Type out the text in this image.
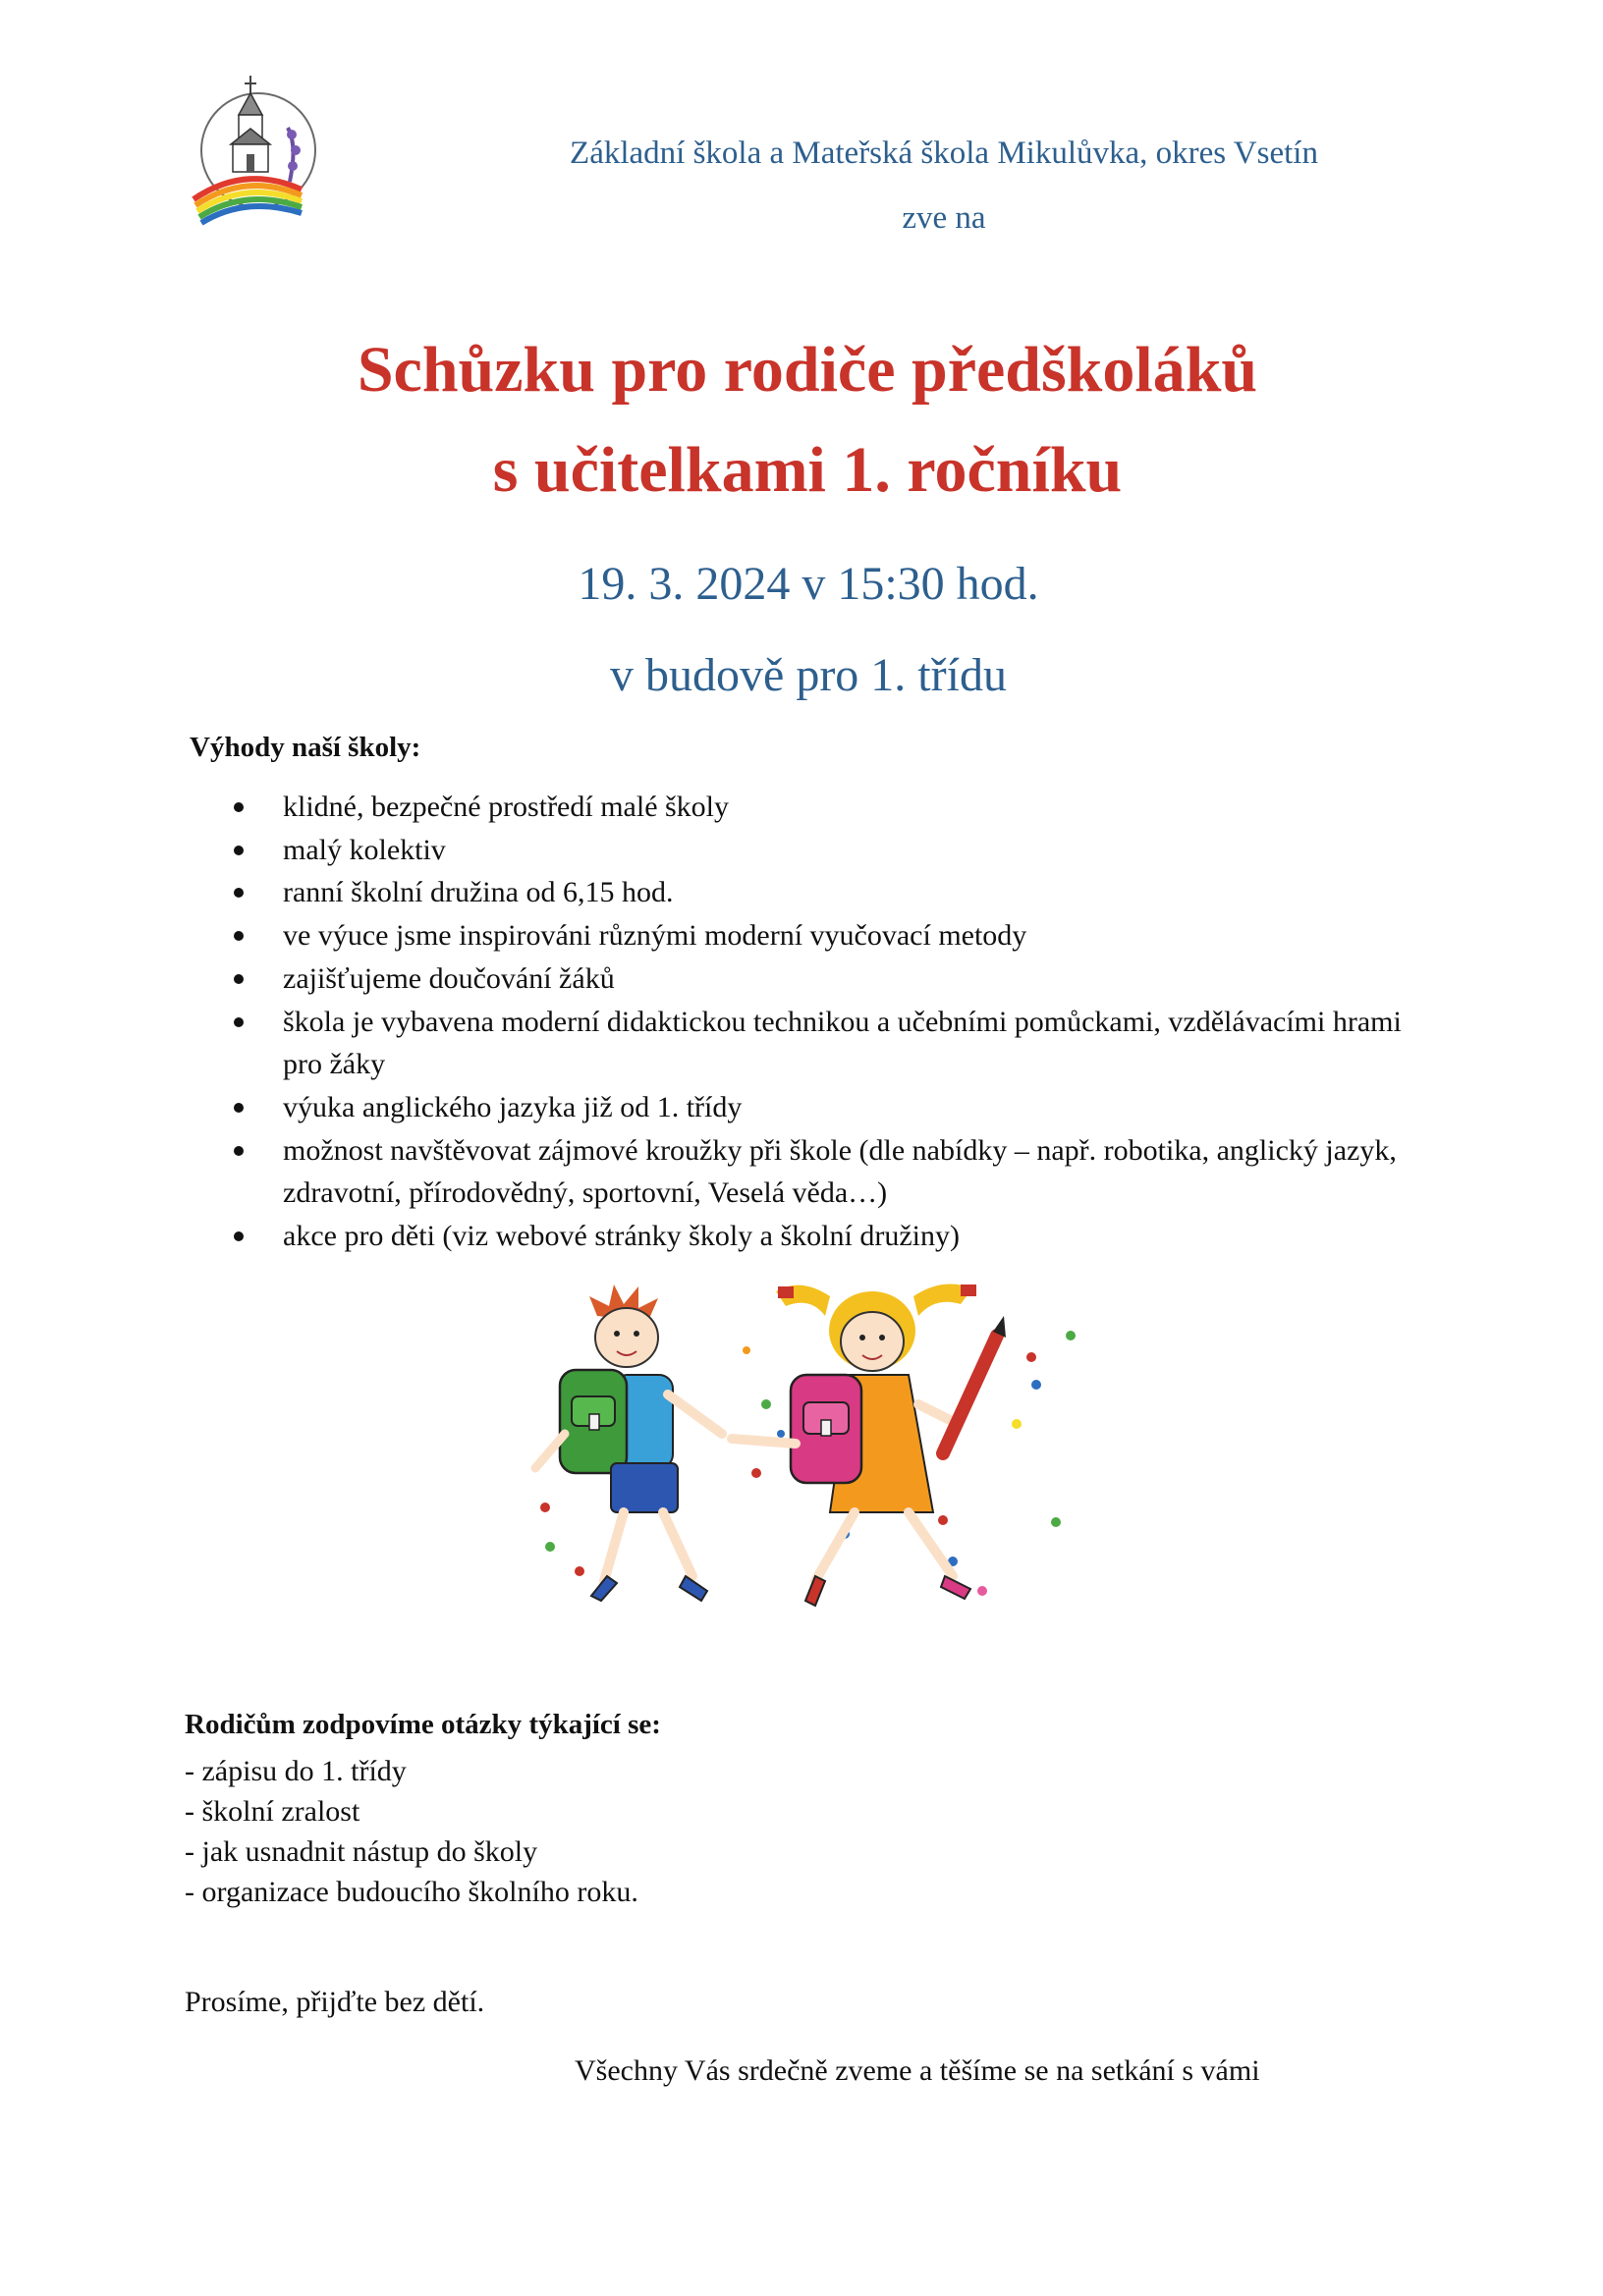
Základní škola a Mateřská škola Mikulůvka, okres Vsetín
zve na
Schůzku pro rodiče předškoláků
s učitelkami 1. ročníku
19. 3. 2024 v 15:30 hod.
v budově pro 1. třídu
Výhody naší školy:
klidné, bezpečné prostředí malé školy
malý kolektiv
ranní školní družina od 6,15 hod.
ve výuce jsme inspirováni různými moderní vyučovací metody
zajišťujeme doučování žáků
škola je vybavena moderní didaktickou technikou a učebními pomůckami, vzdělávacími hrami pro žáky
výuka anglického jazyka již od 1. třídy
možnost navštěvovat zájmové kroužky při škole (dle nabídky – např. robotika, anglický jazyk, zdravotní, přírodovědný, sportovní, Veselá věda…)
akce pro děti (viz webové stránky školy a školní družiny)
Rodičům zodpovíme otázky týkající se:
- zápisu do 1. třídy
- školní zralost
- jak usnadnit nástup do školy
- organizace budoucího školního roku.
Prosíme, přijďte bez dětí.
Všechny Vás srdečně zveme a těšíme se na setkání s vámi
